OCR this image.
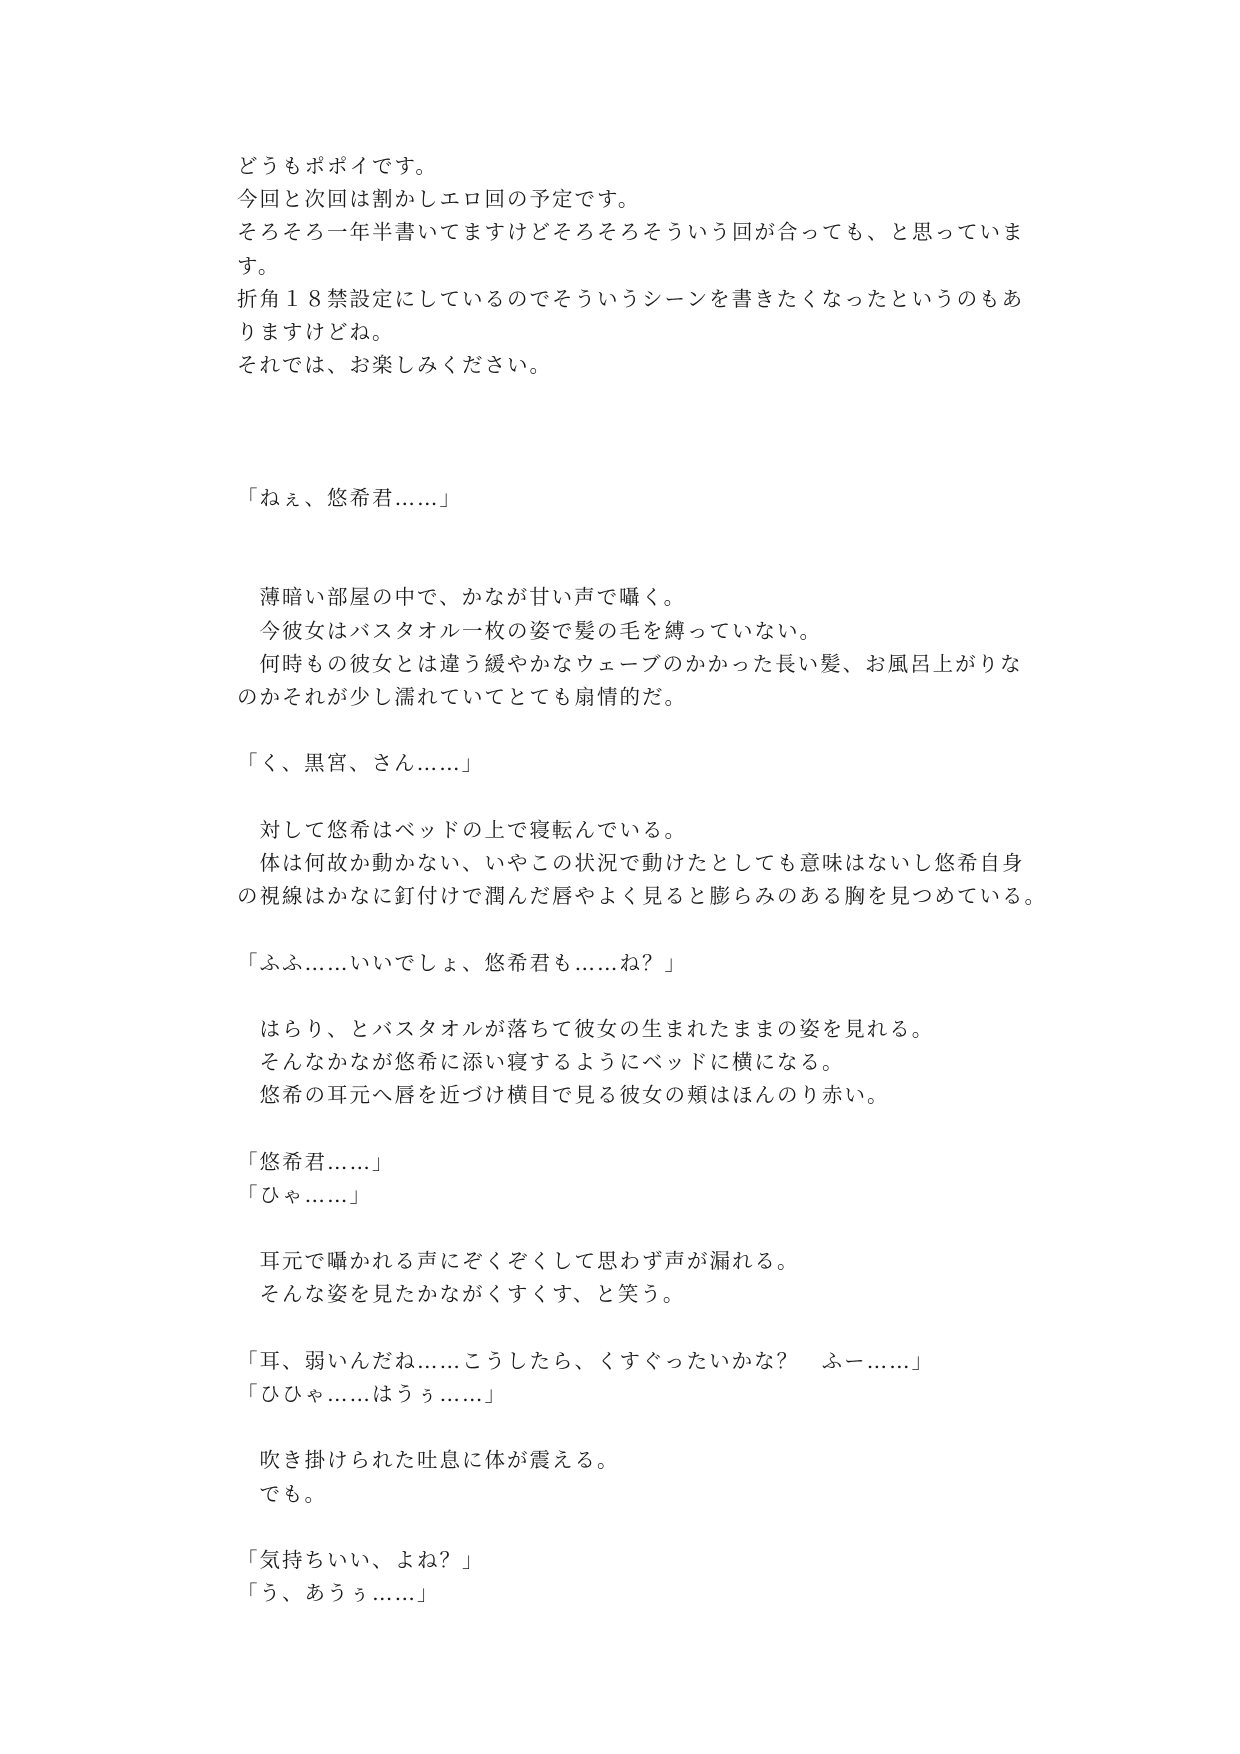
どうもポポイです。
今回と次回は割かしエロ回の予定です。
そろそろ一年半書いてますけどそろそろそういう回が合っても、と思っていま
す。
折角１８禁設定にしているのでそういうシーンを書きたくなったというのもあ
りますけどね。
それでは、お楽しみください。
「ねぇ、悠希君……」
　薄暗い部屋の中で、かなが甘い声で囁く。
　今彼女はバスタオル一枚の姿で髪の毛を縛っていない。
　何時もの彼女とは違う緩やかなウェーブのかかった長い髪、お風呂上がりな
のかそれが少し濡れていてとても扇情的だ。
「く、黒宮、さん……」
　対して悠希はベッドの上で寝転んでいる。
　体は何故か動かない、いやこの状況で動けたとしても意味はないし悠希自身
の視線はかなに釘付けで潤んだ唇やよく見ると膨らみのある胸を見つめている。
「ふふ……いいでしょ、悠希君も……ね？」
　はらり、とバスタオルが落ちて彼女の生まれたままの姿を見れる。
　そんなかなが悠希に添い寝するようにベッドに横になる。
　悠希の耳元へ唇を近づけ横目で見る彼女の頬はほんのり赤い。
「悠希君……」
「ひゃ……」
　耳元で囁かれる声にぞくぞくして思わず声が漏れる。
　そんな姿を見たかながくすくす、と笑う。
「耳、弱いんだね……こうしたら、くすぐったいかな？　ふー……」
「ひひゃ……はうぅ……」
　吹き掛けられた吐息に体が震える。
　でも。
「気持ちいい、よね？」
「う、あうぅ……」
